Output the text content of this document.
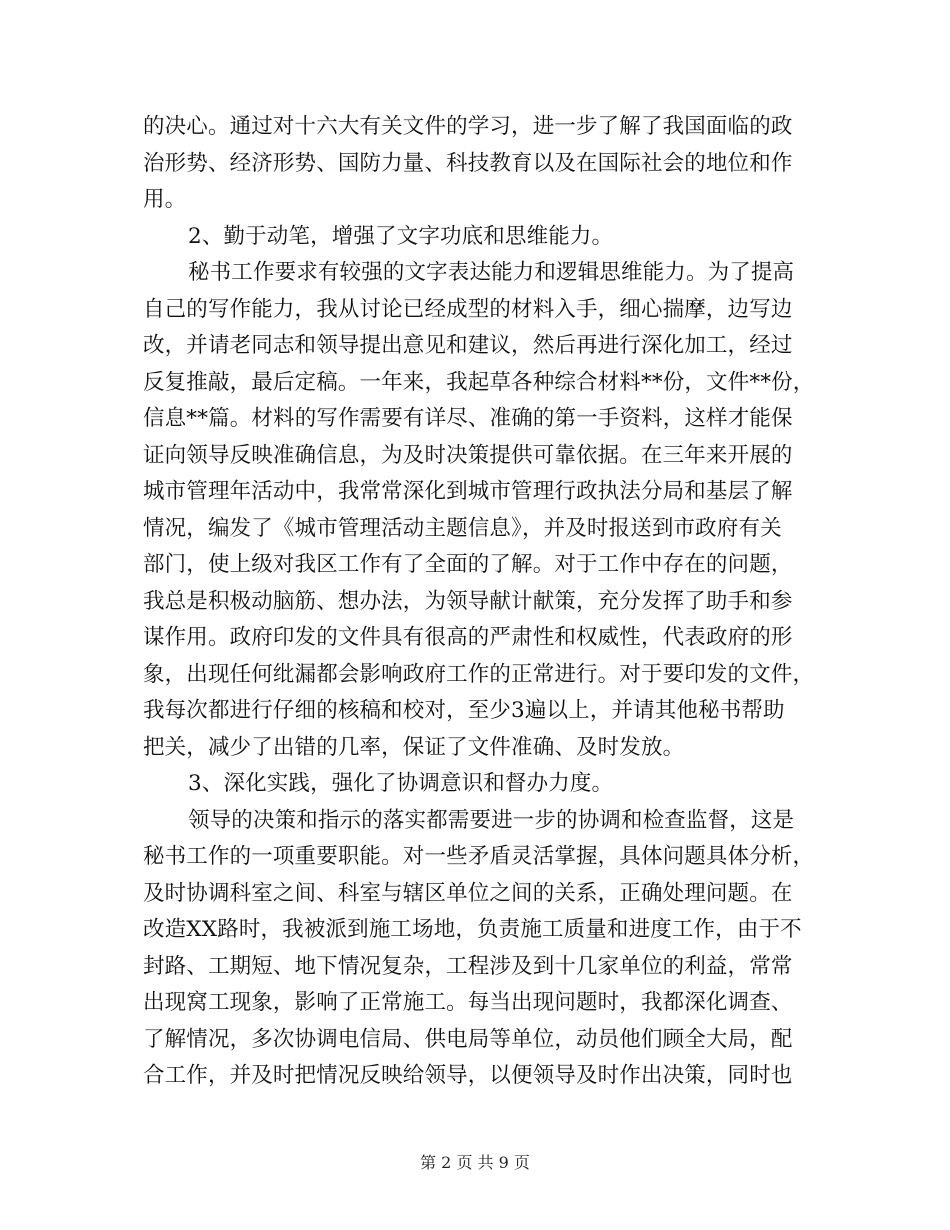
的决心。通过对十六大有关文件的学习，进一步了解了我国面临的政
治形势、经济形势、国防力量、科技教育以及在国际社会的地位和作
用。
2、勤于动笔，增强了文字功底和思维能力。
秘书工作要求有较强的文字表达能力和逻辑思维能力。为了提高
自己的写作能力，我从讨论已经成型的材料入手，细心揣摩，边写边
改，并请老同志和领导提出意见和建议，然后再进行深化加工，经过
反复推敲，最后定稿。一年来，我起草各种综合材料**份，文件**份，
信息**篇。材料的写作需要有详尽、准确的第一手资料，这样才能保
证向领导反映准确信息，为及时决策提供可靠依据。在三年来开展的
城市管理年活动中，我常常深化到城市管理行政执法分局和基层了解
情况，编发了《城市管理活动主题信息》，并及时报送到市政府有关
部门，使上级对我区工作有了全面的了解。对于工作中存在的问题，
我总是积极动脑筋、想办法，为领导献计献策，充分发挥了助手和参
谋作用。政府印发的文件具有很高的严肃性和权威性，代表政府的形
象，出现任何纰漏都会影响政府工作的正常进行。对于要印发的文件，
我每次都进行仔细的核稿和校对，至少3遍以上，并请其他秘书帮助
把关，减少了出错的几率，保证了文件准确、及时发放。
3、深化实践，强化了协调意识和督办力度。
领导的决策和指示的落实都需要进一步的协调和检查监督，这是
秘书工作的一项重要职能。对一些矛盾灵活掌握，具体问题具体分析，
及时协调科室之间、科室与辖区单位之间的关系，正确处理问题。在
改造XX路时，我被派到施工场地，负责施工质量和进度工作，由于不
封路、工期短、地下情况复杂，工程涉及到十几家单位的利益，常常
出现窝工现象，影响了正常施工。每当出现问题时，我都深化调查、
了解情况，多次协调电信局、供电局等单位，动员他们顾全大局，配
合工作，并及时把情况反映给领导，以便领导及时作出决策，同时也
第 2 页 共 9 页
